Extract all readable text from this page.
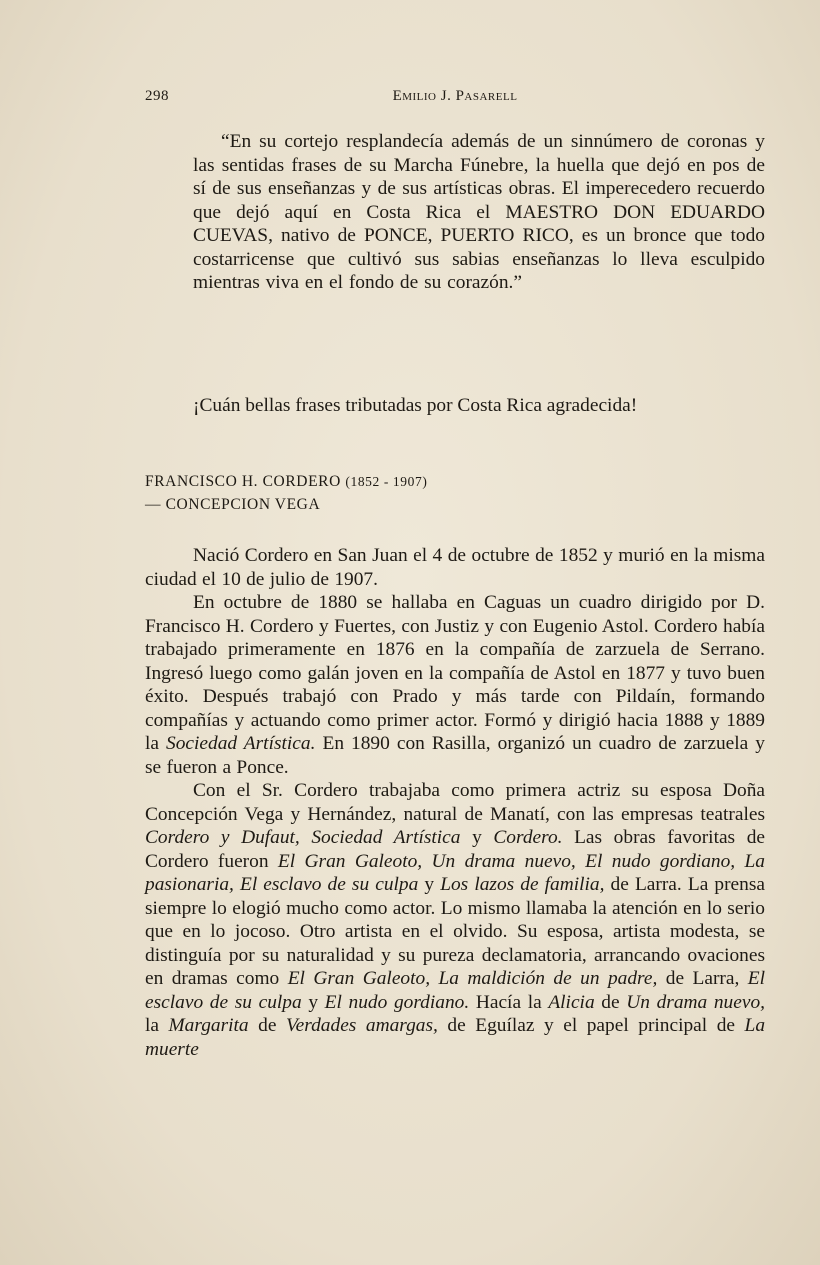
298	Emilio J. Pasarell

“En su cortejo resplandecía además de un sinnúmero de coronas y las sentidas frases de su Marcha Fúnebre, la huella que dejó en pos de sí de sus enseñanzas y de sus artísticas obras. El imperecedero recuerdo que dejó aquí en Costa Rica el MAESTRO DON EDUARDO CUEVAS, nativo de PONCE, PUERTO RICO, es un bronce que todo costarricense que cultivó sus sabias enseñanzas lo lleva esculpido mientras viva en el fondo de su corazón.”

¡Cuán bellas frases tributadas por Costa Rica agradecida!

FRANCISCO H. CORDERO (1852 - 1907)
— CONCEPCION VEGA

Nació Cordero en San Juan el 4 de octubre de 1852 y murió en la misma ciudad el 10 de julio de 1907.

En octubre de 1880 se hallaba en Caguas un cuadro dirigido por D. Francisco H. Cordero y Fuertes, con Justiz y con Eugenio Astol. Cordero había trabajado primeramente en 1876 en la compañía de zarzuela de Serrano. Ingresó luego como galán joven en la compañía de Astol en 1877 y tuvo buen éxito. Después trabajó con Prado y más tarde con Pildaín, formando compañías y actuando como primer actor. Formó y dirigió hacia 1888 y 1889 la Sociedad Artística. En 1890 con Rasilla, organizó un cuadro de zarzuela y se fueron a Ponce.

Con el Sr. Cordero trabajaba como primera actriz su esposa Doña Concepción Vega y Hernández, natural de Manatí, con las empresas teatrales Cordero y Dufaut, Sociedad Artística y Cordero. Las obras favoritas de Cordero fueron El Gran Galeoto, Un drama nuevo, El nudo gordiano, La pasionaria, El esclavo de su culpa y Los lazos de familia, de Larra. La prensa siempre lo elogió mucho como actor. Lo mismo llamaba la atención en lo serio que en lo jocoso. Otro artista en el olvido. Su esposa, artista modesta, se distinguía por su naturalidad y su pureza declamatoria, arrancando ovaciones en dramas como El Gran Galeoto, La maldición de un padre, de Larra, El esclavo de su culpa y El nudo gordiano. Hacía la Alicia de Un drama nuevo, la Margarita de Verdades amargas, de Eguílaz y el papel principal de La muerte
